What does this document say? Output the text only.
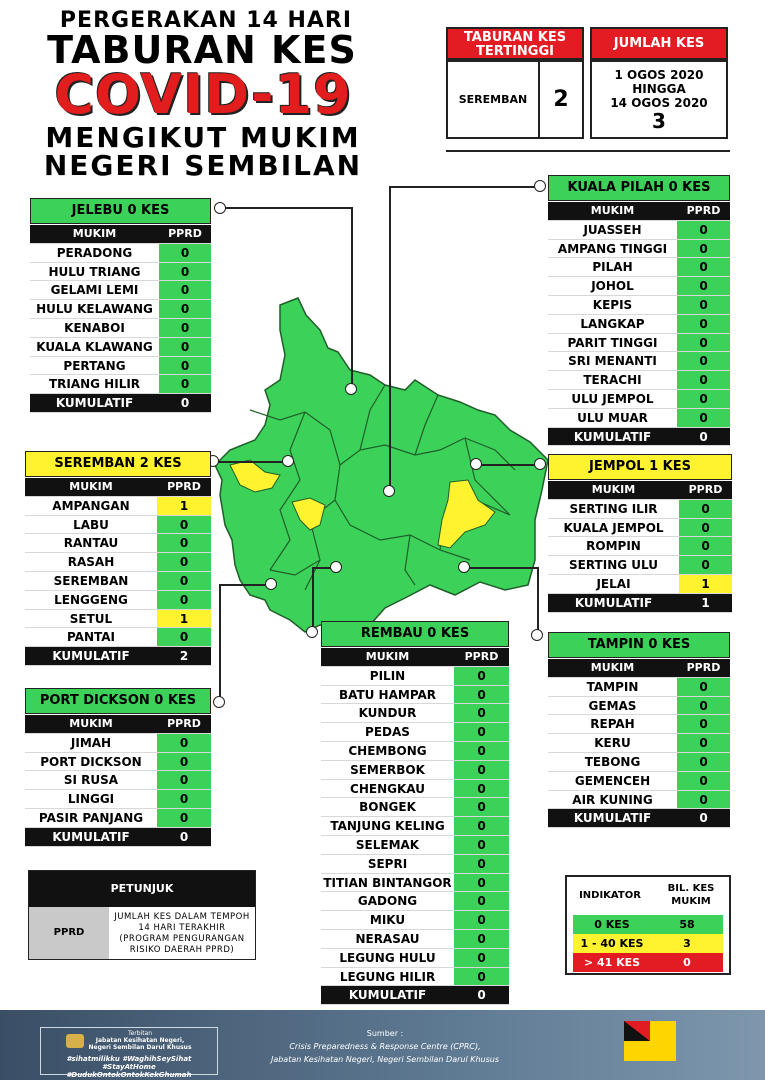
PERGERAKAN 14 HARI
TABURAN KES
COVID-19
MENGIKUT MUKIM
NEGERI SEMBILAN
TABURAN KES TERTINGGI
SEREMBAN	2
JUMLAH KES
1 OGOS 2020
HINGGA
14 OGOS 2020
3
JELEBU 0 KES
MUKIM	PPRD
PERADONG	0
HULU TRIANG	0
GELAMI LEMI	0
HULU KELAWANG	0
KENABOI	0
KUALA KLAWANG	0
PERTANG	0
TRIANG HILIR	0
KUMULATIF	0
SEREMBAN 2 KES
MUKIM	PPRD
AMPANGAN	1
LABU	0
RANTAU	0
RASAH	0
SEREMBAN	0
LENGGENG	0
SETUL	1
PANTAI	0
KUMULATIF	2
PORT DICKSON 0 KES
MUKIM	PPRD
JIMAH	0
PORT DICKSON	0
SI RUSA	0
LINGGI	0
PASIR PANJANG	0
KUMULATIF	0
KUALA PILAH 0 KES
MUKIM	PPRD
JUASSEH	0
AMPANG TINGGI	0
PILAH	0
JOHOL	0
KEPIS	0
LANGKAP	0
PARIT TINGGI	0
SRI MENANTI	0
TERACHI	0
ULU JEMPOL	0
ULU MUAR	0
KUMULATIF	0
JEMPOL 1 KES
MUKIM	PPRD
SERTING ILIR	0
KUALA JEMPOL	0
ROMPIN	0
SERTING ULU	0
JELAI	1
KUMULATIF	1
TAMPIN 0 KES
MUKIM	PPRD
TAMPIN	0
GEMAS	0
REPAH	0
KERU	0
TEBONG	0
GEMENCEH	0
AIR KUNING	0
KUMULATIF	0
REMBAU 0 KES
MUKIM	PPRD
PILIN	0
BATU HAMPAR	0
KUNDUR	0
PEDAS	0
CHEMBONG	0
SEMERBOK	0
CHENGKAU	0
BONGEK	0
TANJUNG KELING	0
SELEMAK	0
SEPRI	0
TITIAN BINTANGOR	0
GADONG	0
MIKU	0
NERASAU	0
LEGUNG HULU	0
LEGUNG HILIR	0
KUMULATIF	0
PETUNJUK
PPRD
JUMLAH KES DALAM TEMPOH 14 HARI TERAKHIR (PROGRAM PENGURANGAN RISIKO DAERAH PPRD)
INDIKATOR
BIL. KES MUKIM
0 KES	58
1 - 40 KES	3
> 41 KES	0
Terbitan
Jabatan Kesihatan Negeri,
Negeri Sembilan Darul Khusus
#sihatmilikku #WaghihSeySihat #StayAtHome
#DudukOntokOntokKekGhumah
Sumber :
Crisis Preparedness & Response Centre (CPRC),
Jabatan Kesihatan Negeri, Negeri Sembilan Darul Khusus
